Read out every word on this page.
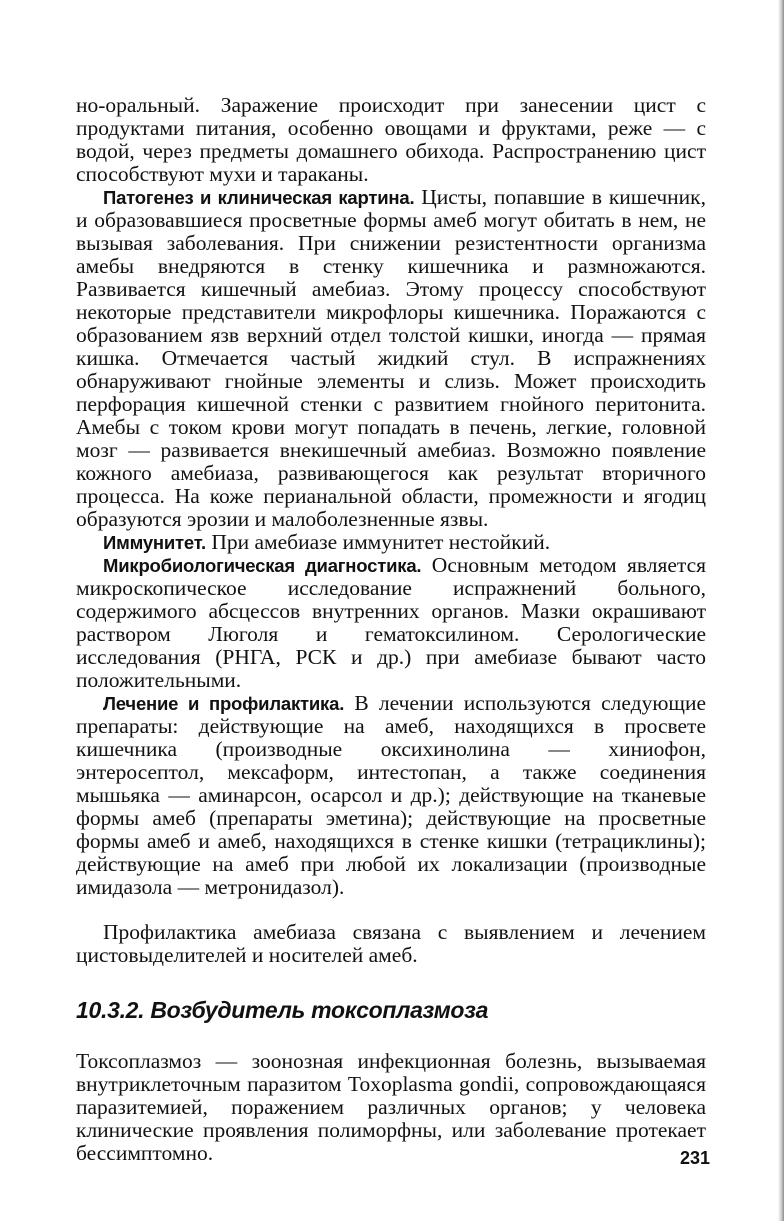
но-оральный. Заражение происходит при занесении цист с продуктами питания, особенно овощами и фруктами, реже — с водой, через предметы домашнего обихода. Распространению цист способствуют мухи и тараканы.

Патогенез и клиническая картина. Цисты, попавшие в кишечник, и образовавшиеся просветные формы амеб могут обитать в нем, не вызывая заболевания. При снижении резистентности организма амебы внедряются в стенку кишечника и размножаются. Развивается кишечный амебиаз. Этому процессу способствуют некоторые представители микрофлоры кишечника. Поражаются с образованием язв верхний отдел толстой кишки, иногда — прямая кишка. Отмечается частый жидкий стул. В испражнениях обнаруживают гнойные элементы и слизь. Может происходить перфорация кишечной стенки с развитием гнойного перитонита. Амебы с током крови могут попадать в печень, легкие, головной мозг — развивается внекишечный амебиаз. Возможно появление кожного амебиаза, развивающегося как результат вторичного процесса. На коже перианальной области, промежности и ягодиц образуются эрозии и малоболезненные язвы.

Иммунитет. При амебиазе иммунитет нестойкий.

Микробиологическая диагностика. Основным методом является микроскопическое исследование испражнений больного, содержимого абсцессов внутренних органов. Мазки окрашивают раствором Люголя и гематоксилином. Серологические исследования (РНГА, РСК и др.) при амебиазе бывают часто положительными.

Лечение и профилактика. В лечении используются следующие препараты: действующие на амеб, находящихся в просвете кишечника (производные оксихинолина — хиниофон, энтеросептол, мексаформ, интестопан, а также соединения мышьяка — аминарсон, осарсол и др.); действующие на тканевые формы амеб (препараты эметина); действующие на просветные формы амеб и амеб, находящихся в стенке кишки (тетрациклины); действующие на амеб при любой их локализации (производные имидазола — метронидазол).

Профилактика амебиаза связана с выявлением и лечением цистовыделителей и носителей амеб.

10.3.2. Возбудитель токсоплазмоза

Токсоплазмоз — зоонозная инфекционная болезнь, вызываемая внутриклеточным паразитом Toxoplasma gondii, сопровождающаяся паразитемией, поражением различных органов; у человека клинические проявления полиморфны, или заболевание протекает бессимптомно.	231
